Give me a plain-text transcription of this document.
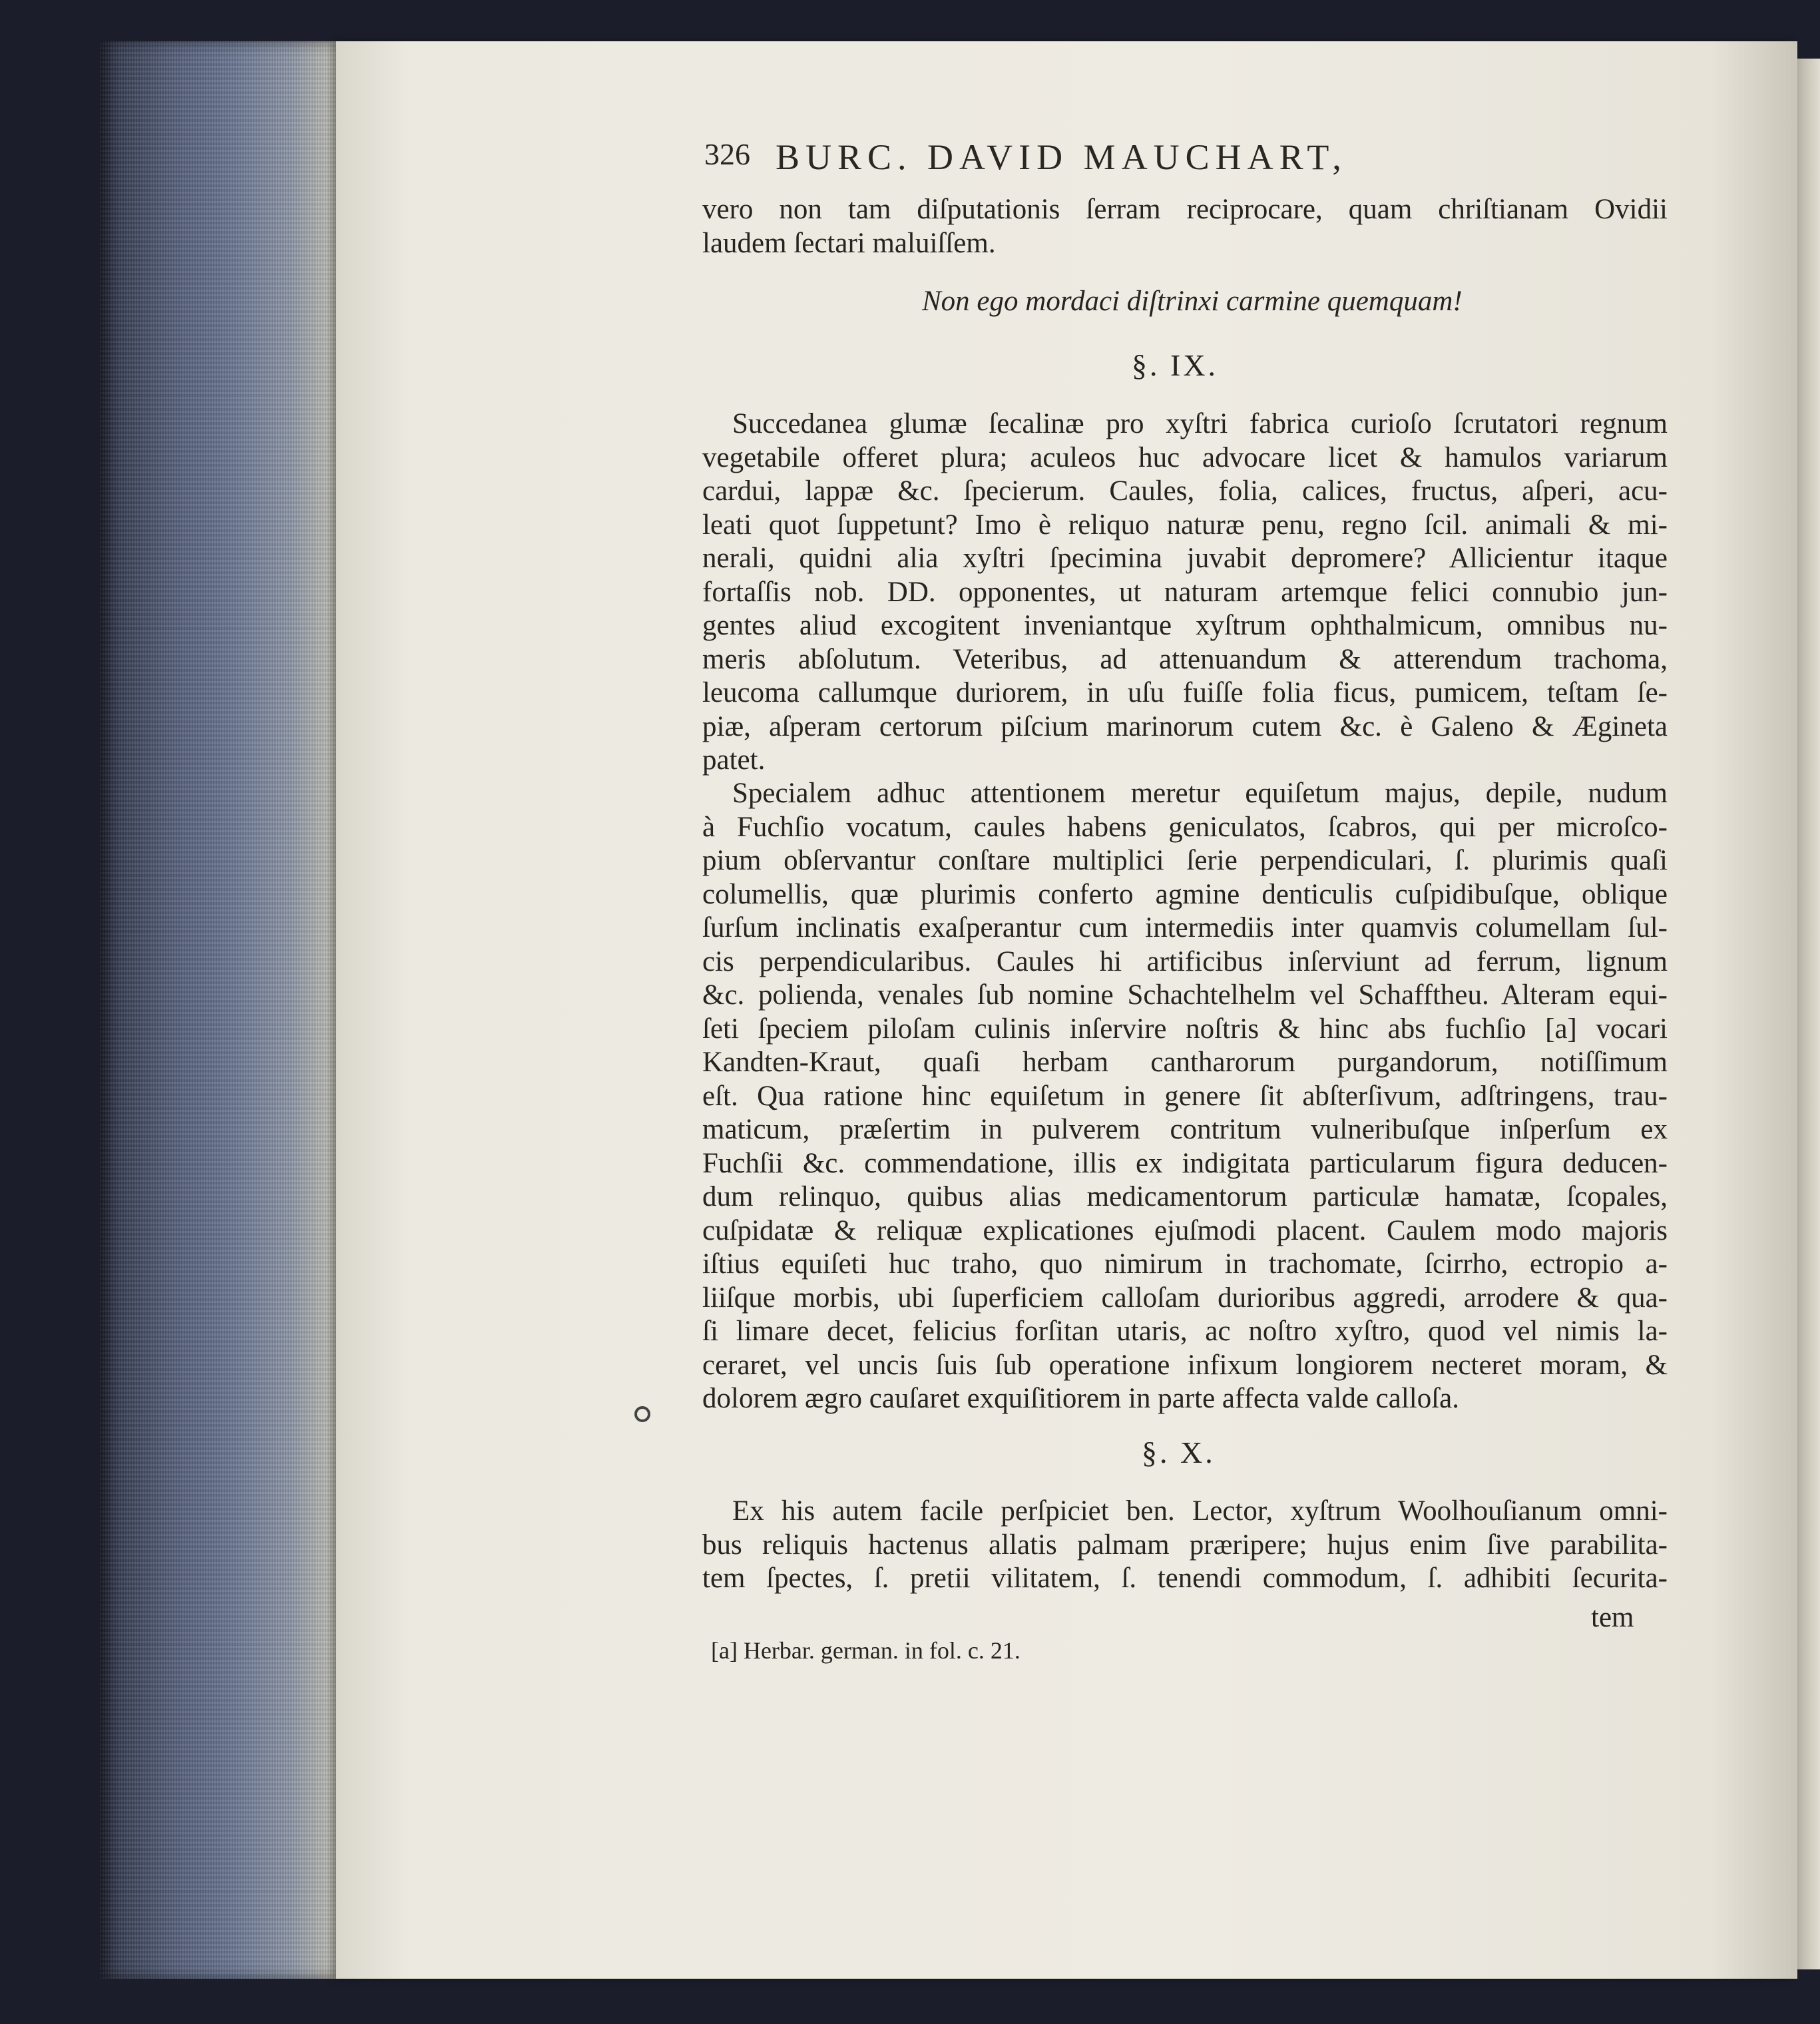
326 BURC. DAVID MAUCHART,
vero non tam diſputationis ſerram reciprocare, quam chriſtianam Ovidii
laudem ſectari maluiſſem.
Non ego mordaci diſtrinxi carmine quemquam!
§. IX.
Succedanea glumæ ſecalinæ pro xyſtri fabrica curioſo ſcrutatori regnum
vegetabile offeret plura; aculeos huc advocare licet & hamulos variarum
cardui, lappæ &c. ſpecierum. Caules, folia, calices, fructus, aſperi, acu-
leati quot ſuppetunt? Imo è reliquo naturæ penu, regno ſcil. animali & mi-
nerali, quidni alia xyſtri ſpecimina juvabit depromere? Allicientur itaque
fortaſſis nob. DD. opponentes, ut naturam artemque felici connubio jun-
gentes aliud excogitent inveniantque xyſtrum ophthalmicum, omnibus nu-
meris abſolutum. Veteribus, ad attenuandum & atterendum trachoma,
leucoma callumque duriorem, in uſu fuiſſe folia ficus, pumicem, teſtam ſe-
piæ, aſperam certorum piſcium marinorum cutem &c. è Galeno & Ægineta
patet.
Specialem adhuc attentionem meretur equiſetum majus, depile, nudum
à Fuchſio vocatum, caules habens geniculatos, ſcabros, qui per microſco-
pium obſervantur conſtare multiplici ſerie perpendiculari, ſ. plurimis quaſi
columellis, quæ plurimis conferto agmine denticulis cuſpidibuſque, oblique
ſurſum inclinatis exaſperantur cum intermediis inter quamvis columellam ſul-
cis perpendicularibus. Caules hi artificibus inſerviunt ad ferrum, lignum
&c. polienda, venales ſub nomine Schachtelhelm vel Schafftheu. Alteram equi-
ſeti ſpeciem piloſam culinis inſervire noſtris & hinc abs fuchſio [a] vocari
Kandten-Kraut, quaſi herbam cantharorum purgandorum, notiſſimum
eſt. Qua ratione hinc equiſetum in genere ſit abſterſivum, adſtringens, trau-
maticum, præſertim in pulverem contritum vulneribuſque inſperſum ex
Fuchſii &c. commendatione, illis ex indigitata particularum figura deducen-
dum relinquo, quibus alias medicamentorum particulæ hamatæ, ſcopales,
cuſpidatæ & reliquæ explicationes ejuſmodi placent. Caulem modo majoris
iſtius equiſeti huc traho, quo nimirum in trachomate, ſcirrho, ectropio a-
liiſque morbis, ubi ſuperficiem calloſam durioribus aggredi, arrodere & qua-
ſi limare decet, felicius forſitan utaris, ac noſtro xyſtro, quod vel nimis la-
ceraret, vel uncis ſuis ſub operatione infixum longiorem necteret moram, &
dolorem ægro cauſaret exquiſitiorem in parte affecta valde calloſa.
§. X.
Ex his autem facile perſpiciet ben. Lector, xyſtrum Woolhouſianum omni-
bus reliquis hactenus allatis palmam præripere; hujus enim ſive parabilita-
tem ſpectes, ſ. pretii vilitatem, ſ. tenendi commodum, ſ. adhibiti ſecurita-
tem
[a] Herbar. german. in fol. c. 21.
